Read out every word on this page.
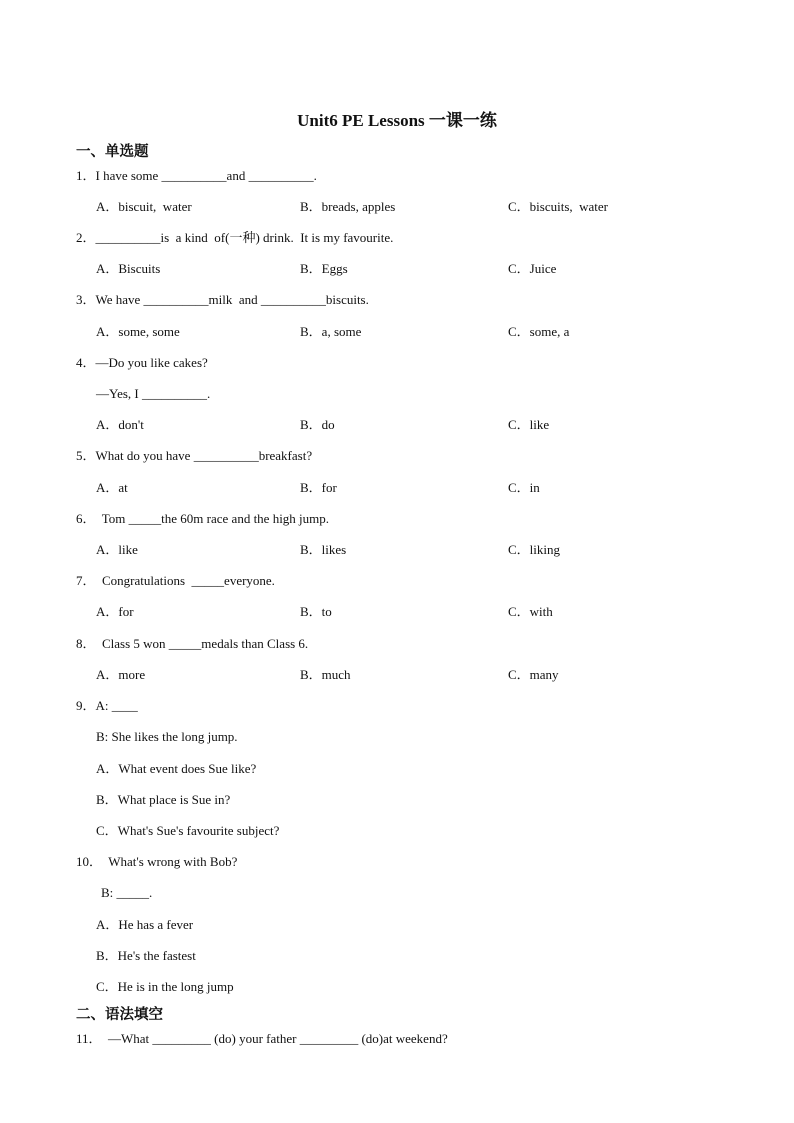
Unit6 PE Lessons 一课一练
一、单选题
1．I have some __________and __________.
A．biscuit,  water	B．breads, apples	C．biscuits,  water
2．__________is  a kind  of(一种) drink.  It is my favourite.
A．Biscuits	B．Eggs	C．Juice
3．We have __________milk  and __________biscuits.
A．some, some	B．a, some	C．some, a
4．—Do you like cakes?
—Yes, I __________.
A．don't	B．do	C．like
5．What do you have __________breakfast?
A．at	B．for	C．in
6．  Tom _____the 60m race and the high jump.
A．like	B．likes	C．liking
7．  Congratulations  _____everyone.
A．for	B．to	C．with
8．  Class 5 won _____medals than Class 6.
A．more	B．much	C．many
9．A: ____
B: She likes the long jump.
A．What event does Sue like?
B．What place is Sue in?
C．What's Sue's favourite subject?
10．  What's wrong with Bob?
B: _____.
A．He has a fever
B．He's the fastest
C．He is in the long jump
二、语法填空
11．  —What _________ (do) your father _________ (do)at weekend?
